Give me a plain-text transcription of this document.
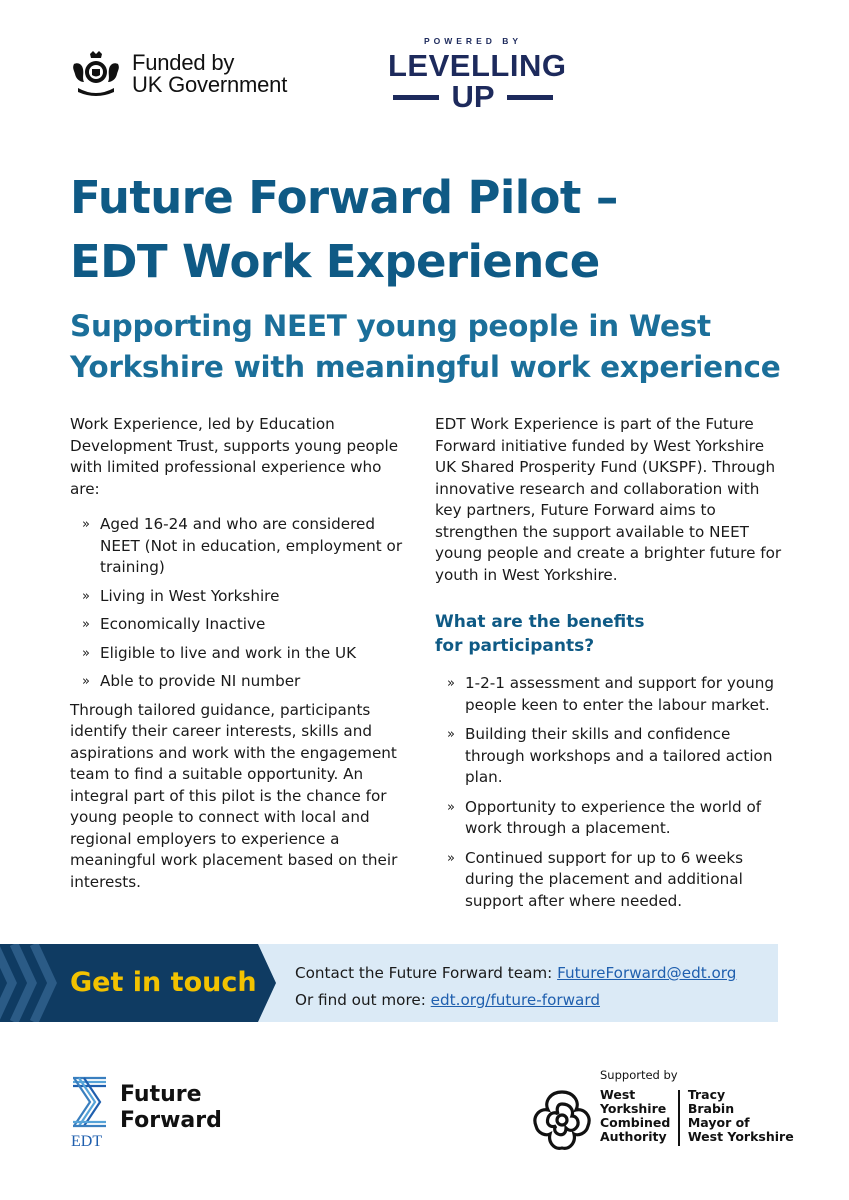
Funded by
UK Government
POWERED BY
LEVELLING
UP
Future Forward Pilot –
EDT Work Experience
Supporting NEET young people in West
Yorkshire with meaningful work experience

Work Experience, led by Education Development Trust, supports young people with limited professional experience who are:

» Aged 16-24 and who are considered NEET (Not in education, employment or training)
» Living in West Yorkshire
» Economically Inactive
» Eligible to live and work in the UK
» Able to provide NI number

Through tailored guidance, participants identify their career interests, skills and aspirations and work with the engagement team to find a suitable opportunity. An integral part of this pilot is the chance for young people to connect with local and regional employers to experience a meaningful work placement based on their interests.

EDT Work Experience is part of the Future Forward initiative funded by West Yorkshire UK Shared Prosperity Fund (UKSPF). Through innovative research and collaboration with key partners, Future Forward aims to strengthen the support available to NEET young people and create a brighter future for youth in West Yorkshire.

What are the benefits
for participants?
» 1-2-1 assessment and support for young people keen to enter the labour market.
» Building their skills and confidence through workshops and a tailored action plan.
» Opportunity to experience the world of work through a placement.
» Continued support for up to 6 weeks during the placement and additional support after where needed.
Get in touch	Contact the Future Forward team: FutureForward@edt.org
Or find out more: edt.org/future-forward
EDT
Future
Forward
Supported by
West
Yorkshire
Combined
Authority
Tracy
Brabin
Mayor of
West Yorkshire
